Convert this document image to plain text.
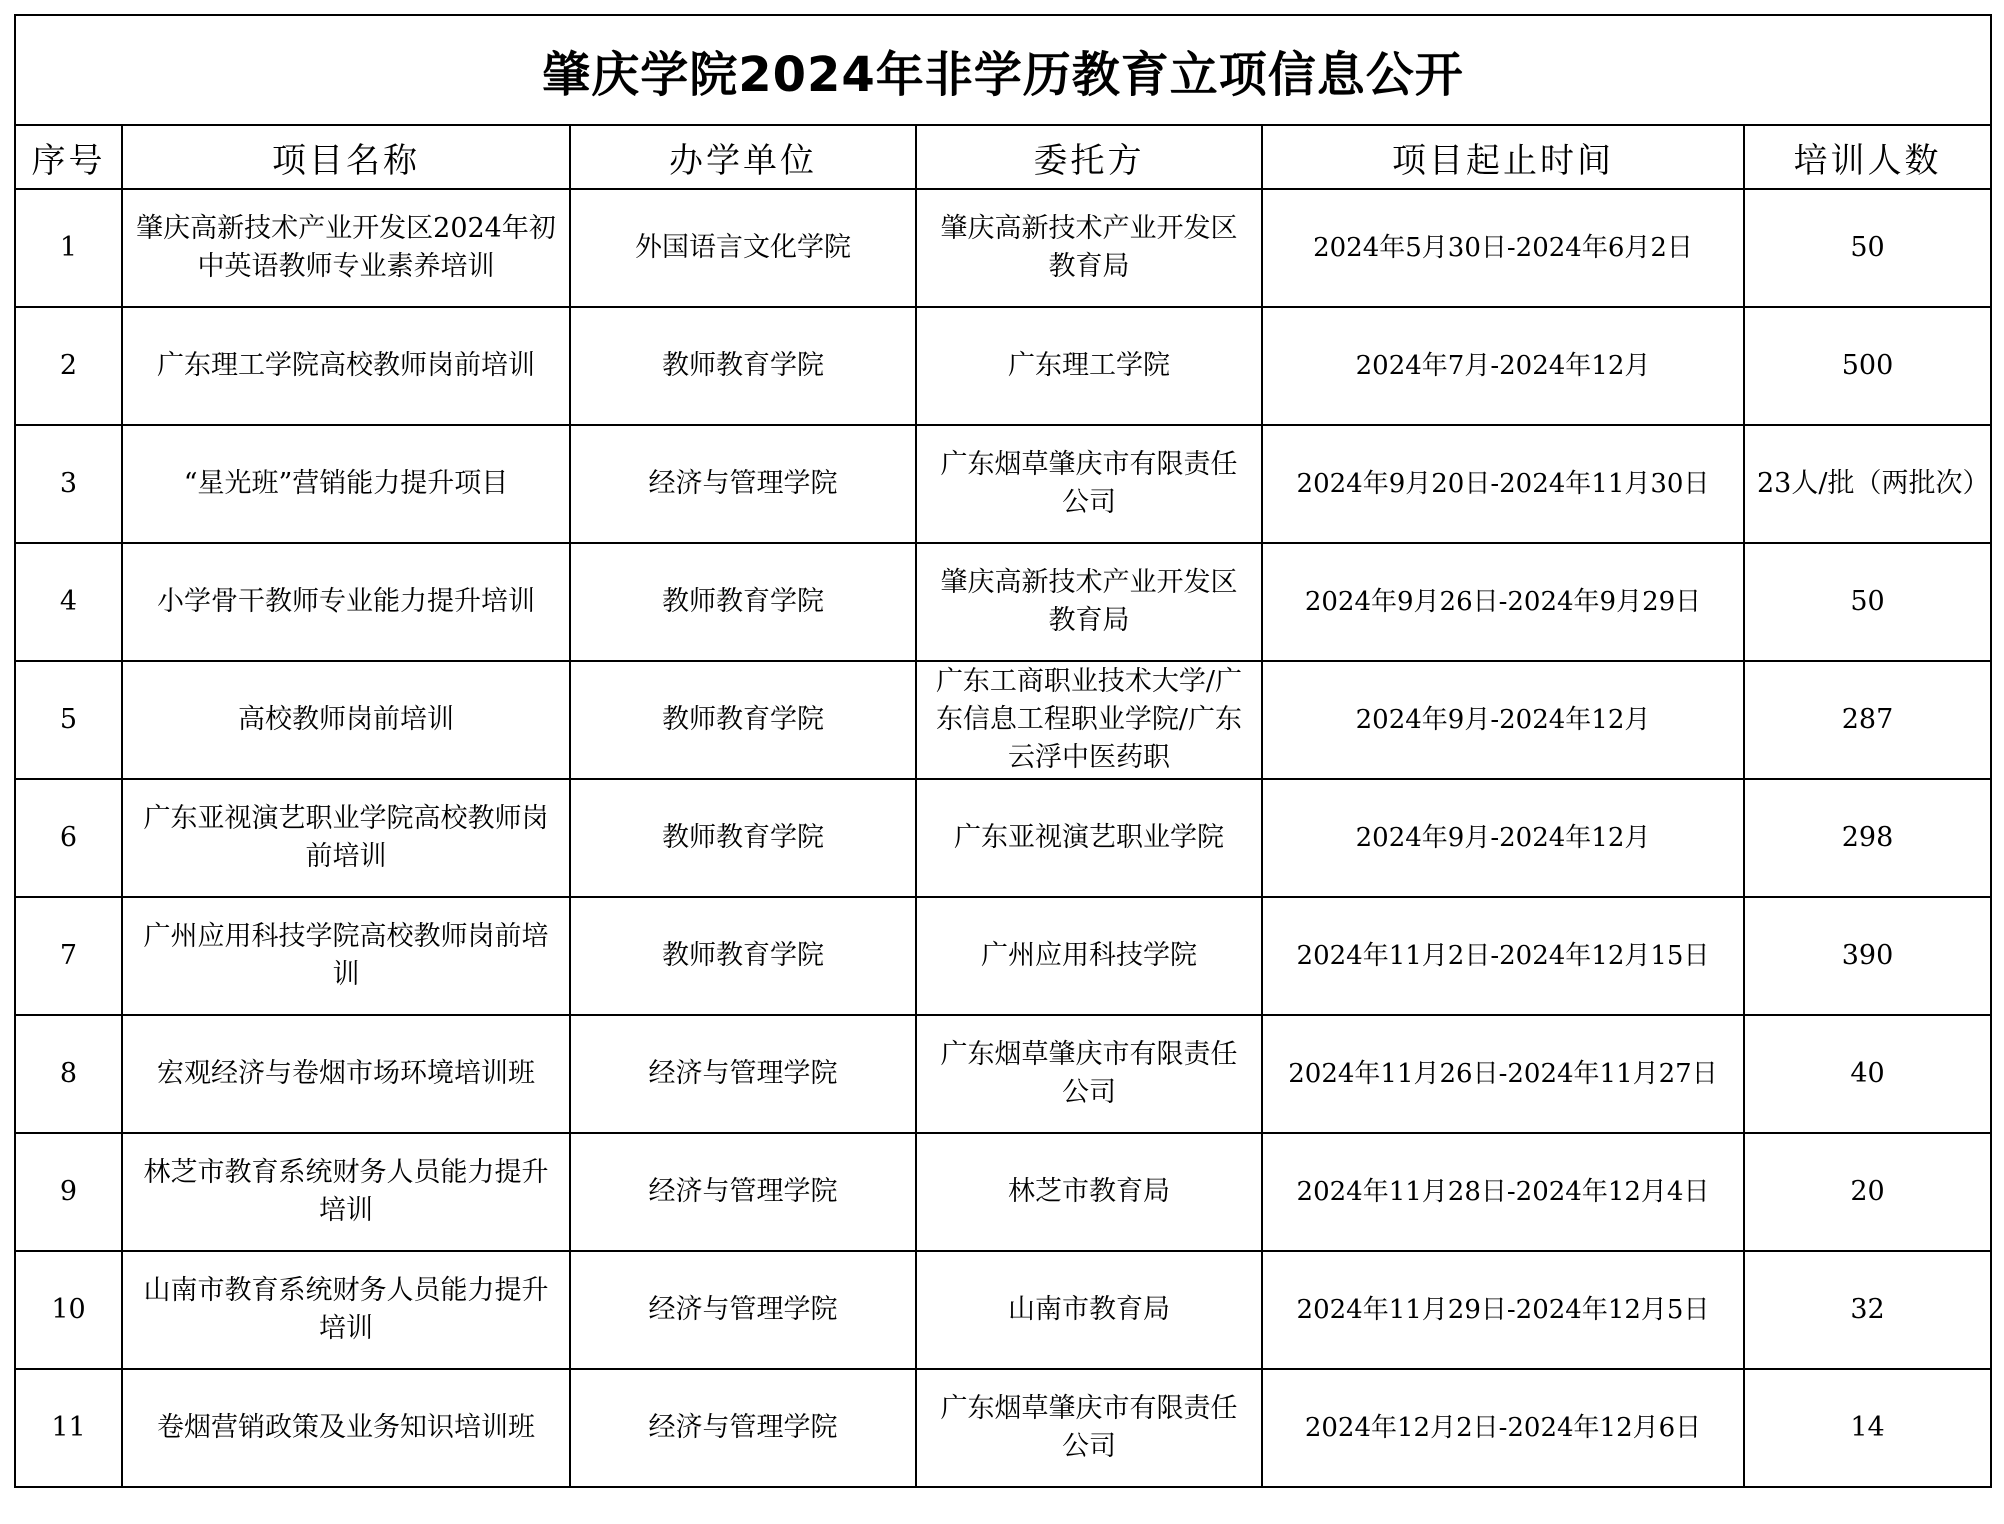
肇庆学院2024年非学历教育立项信息公开					
序号	项目名称	办学单位	委托方	项目起止时间	培训人数
1	肇庆高新技术产业开发区2024年初中英语教师专业素养培训	外国语言文化学院	肇庆高新技术产业开发区教育局	2024年5月30日-2024年6月2日	50
2	广东理工学院高校教师岗前培训	教师教育学院	广东理工学院	2024年7月-2024年12月	500
3	“星光班”营销能力提升项目	经济与管理学院	广东烟草肇庆市有限责任公司	2024年9月20日-2024年11月30日	23人/批（两批次）
4	小学骨干教师专业能力提升培训	教师教育学院	肇庆高新技术产业开发区教育局	2024年9月26日-2024年9月29日	50
5	高校教师岗前培训	教师教育学院	广东工商职业技术大学/广东信息工程职业学院/广东云浮中医药职	2024年9月-2024年12月	287
6	广东亚视演艺职业学院高校教师岗前培训	教师教育学院	广东亚视演艺职业学院	2024年9月-2024年12月	298
7	广州应用科技学院高校教师岗前培训	教师教育学院	广州应用科技学院	2024年11月2日-2024年12月15日	390
8	宏观经济与卷烟市场环境培训班	经济与管理学院	广东烟草肇庆市有限责任公司	2024年11月26日-2024年11月27日	40
9	林芝市教育系统财务人员能力提升培训	经济与管理学院	林芝市教育局	2024年11月28日-2024年12月4日	20
10	山南市教育系统财务人员能力提升培训	经济与管理学院	山南市教育局	2024年11月29日-2024年12月5日	32
11	卷烟营销政策及业务知识培训班	经济与管理学院	广东烟草肇庆市有限责任公司	2024年12月2日-2024年12月6日	14
